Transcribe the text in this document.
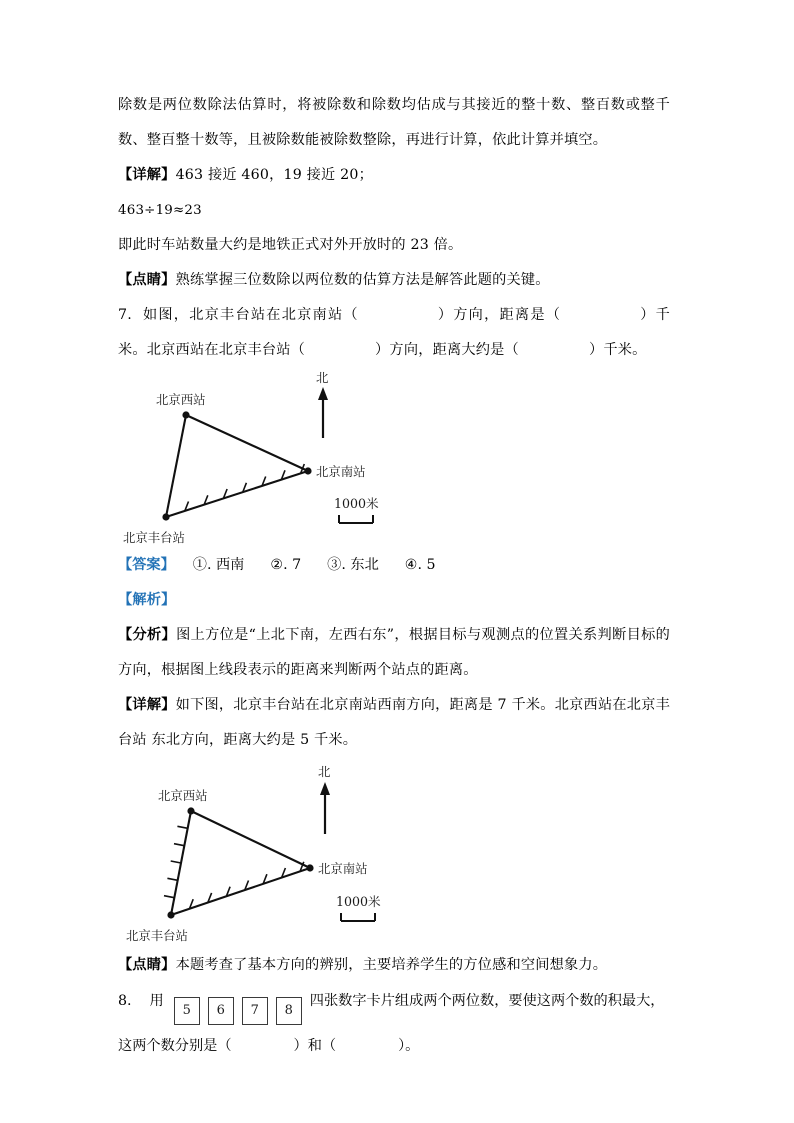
除数是两位数除法估算时，将被除数和除数均估成与其接近的整十数、整百数或整千数、整百整十数等，且被除数能被除数整除，再进行计算，依此计算并填空。
【详解】463 接近 460，19 接近 20；
463÷19≈23
即此时车站数量大约是地铁正式对外开放时的 23 倍。
【点睛】熟练掌握三位数除以两位数的估算方法是解答此题的关键。
7. 如图，北京丰台站在北京南站（	）方向，距离是（	）千米。北京西站在北京丰台站（	）方向，距离大约是（	）千米。
北京西站
北京丰台站
北京南站
北
1000米
【答案】 ①. 西南 ②. 7 ③. 东北 ④. 5
【解析】
【分析】图上方位是“上北下南，左西右东”，根据目标与观测点的位置关系判断目标的方向，根据图上线段表示的距离来判断两个站点的距离。
【详解】如下图，北京丰台站在北京南站西南方向，距离是 7 千米。北京西站在北京丰台站 东北方向，距离大约是 5 千米。
北京西站
北京丰台站
北京南站
北
1000米
【点睛】本题考查了基本方向的辨别，主要培养学生的方位感和空间想象力。
8. 用5 6 7 8四张数字卡片组成两个两位数，要使这两个数的积最大，这两个数分别是（	）和（	）。
